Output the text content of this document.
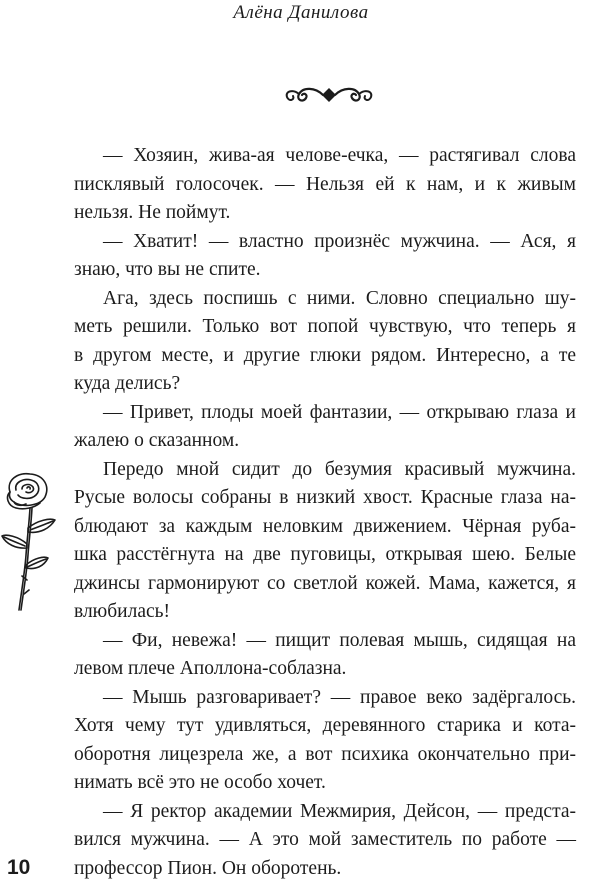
Алёна Данилова
— Хозяин, жива-ая челове-ечка, — растягивал слова
писклявый голосочек. — Нельзя ей к нам, и к живым
нельзя. Не поймут.
— Хватит! — властно произнёс мужчина. — Ася, я
знаю, что вы не спите.
Ага, здесь поспишь с ними. Словно специально шу-
меть решили. Только вот попой чувствую, что теперь я
в другом месте, и другие глюки рядом. Интересно, а те
куда делись?
— Привет, плоды моей фантазии, — открываю глаза и
жалею о сказанном.
Передо мной сидит до безумия красивый мужчина.
Русые волосы собраны в низкий хвост. Красные глаза на-
блюдают за каждым неловким движением. Чёрная руба-
шка расстёгнута на две пуговицы, открывая шею. Белые
джинсы гармонируют со светлой кожей. Мама, кажется, я
влюбилась!
— Фи, невежа! — пищит полевая мышь, сидящая на
левом плече Аполлона-соблазна.
— Мышь разговаривает? — правое веко задёргалось.
Хотя чему тут удивляться, деревянного старика и кота-
оборотня лицезрела же, а вот психика окончательно при-
нимать всё это не особо хочет.
— Я ректор академии Межмирия, Дейсон, — предста-
вился мужчина. — А это мой заместитель по работе —
профессор Пион. Он оборотень.
10
